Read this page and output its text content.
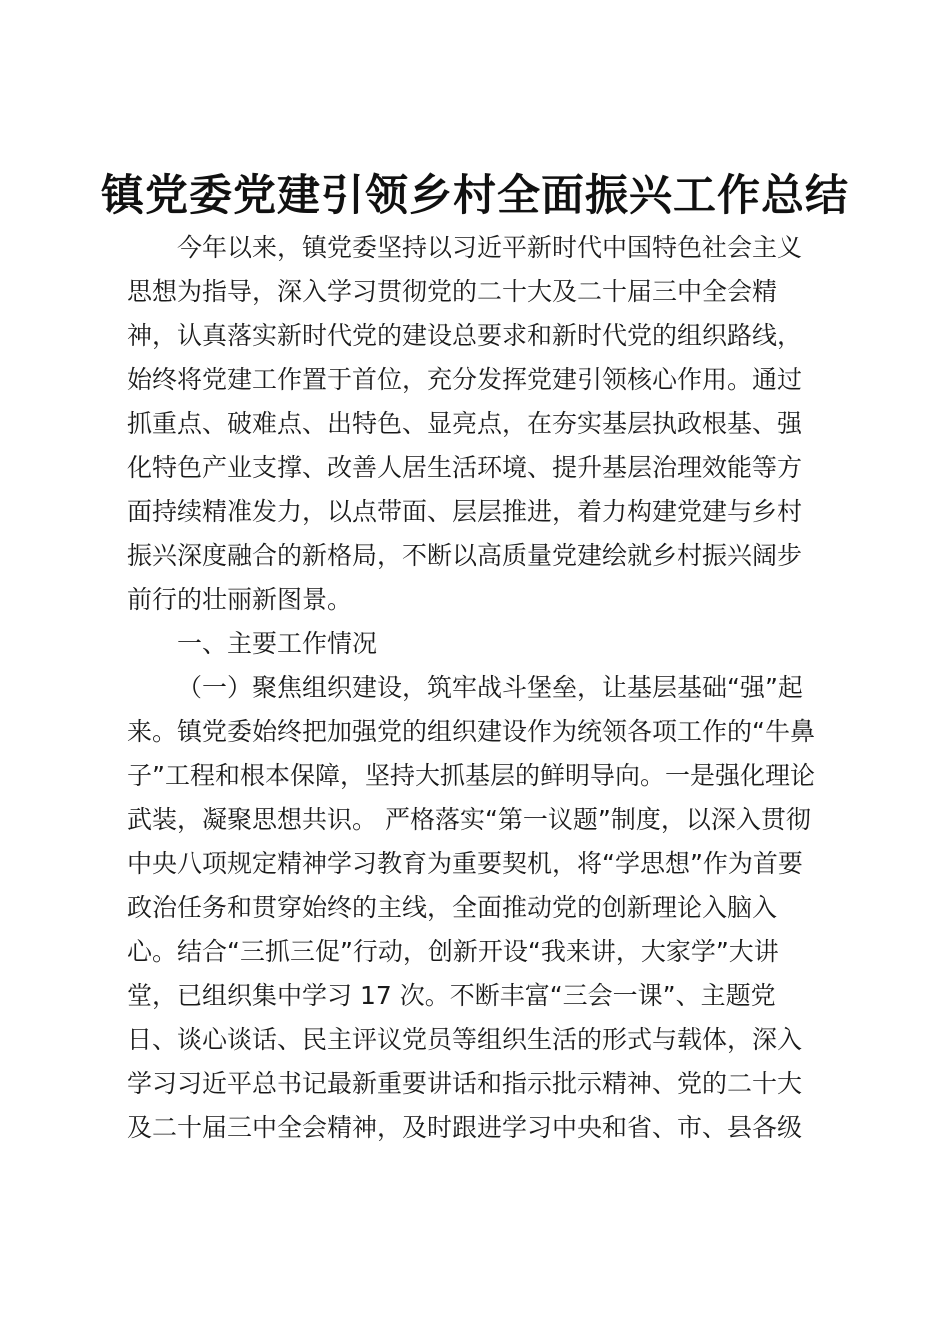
镇党委党建引领乡村全面振兴工作总结
今年以来，镇党委坚持以习近平新时代中国特色社会主义
思想为指导，深入学习贯彻党的二十大及二十届三中全会精
神，认真落实新时代党的建设总要求和新时代党的组织路线，
始终将党建工作置于首位，充分发挥党建引领核心作用。通过
抓重点、破难点、出特色、显亮点，在夯实基层执政根基、强
化特色产业支撑、改善人居生活环境、提升基层治理效能等方
面持续精准发力，以点带面、层层推进，着力构建党建与乡村
振兴深度融合的新格局，不断以高质量党建绘就乡村振兴阔步
前行的壮丽新图景。
一、主要工作情况
（一）聚焦组织建设，筑牢战斗堡垒，让基层基础“强”起
来。镇党委始终把加强党的组织建设作为统领各项工作的“牛鼻
子”工程和根本保障，坚持大抓基层的鲜明导向。一是强化理论
武装，凝聚思想共识。 严格落实“第一议题”制度，以深入贯彻
中央八项规定精神学习教育为重要契机，将“学思想”作为首要
政治任务和贯穿始终的主线，全面推动党的创新理论入脑入
心。结合“三抓三促”行动，创新开设“我来讲，大家学”大讲
堂，已组织集中学习 17 次。不断丰富“三会一课”、主题党
日、谈心谈话、民主评议党员等组织生活的形式与载体，深入
学习习近平总书记最新重要讲话和指示批示精神、党的二十大
及二十届三中全会精神，及时跟进学习中央和省、市、县各级
